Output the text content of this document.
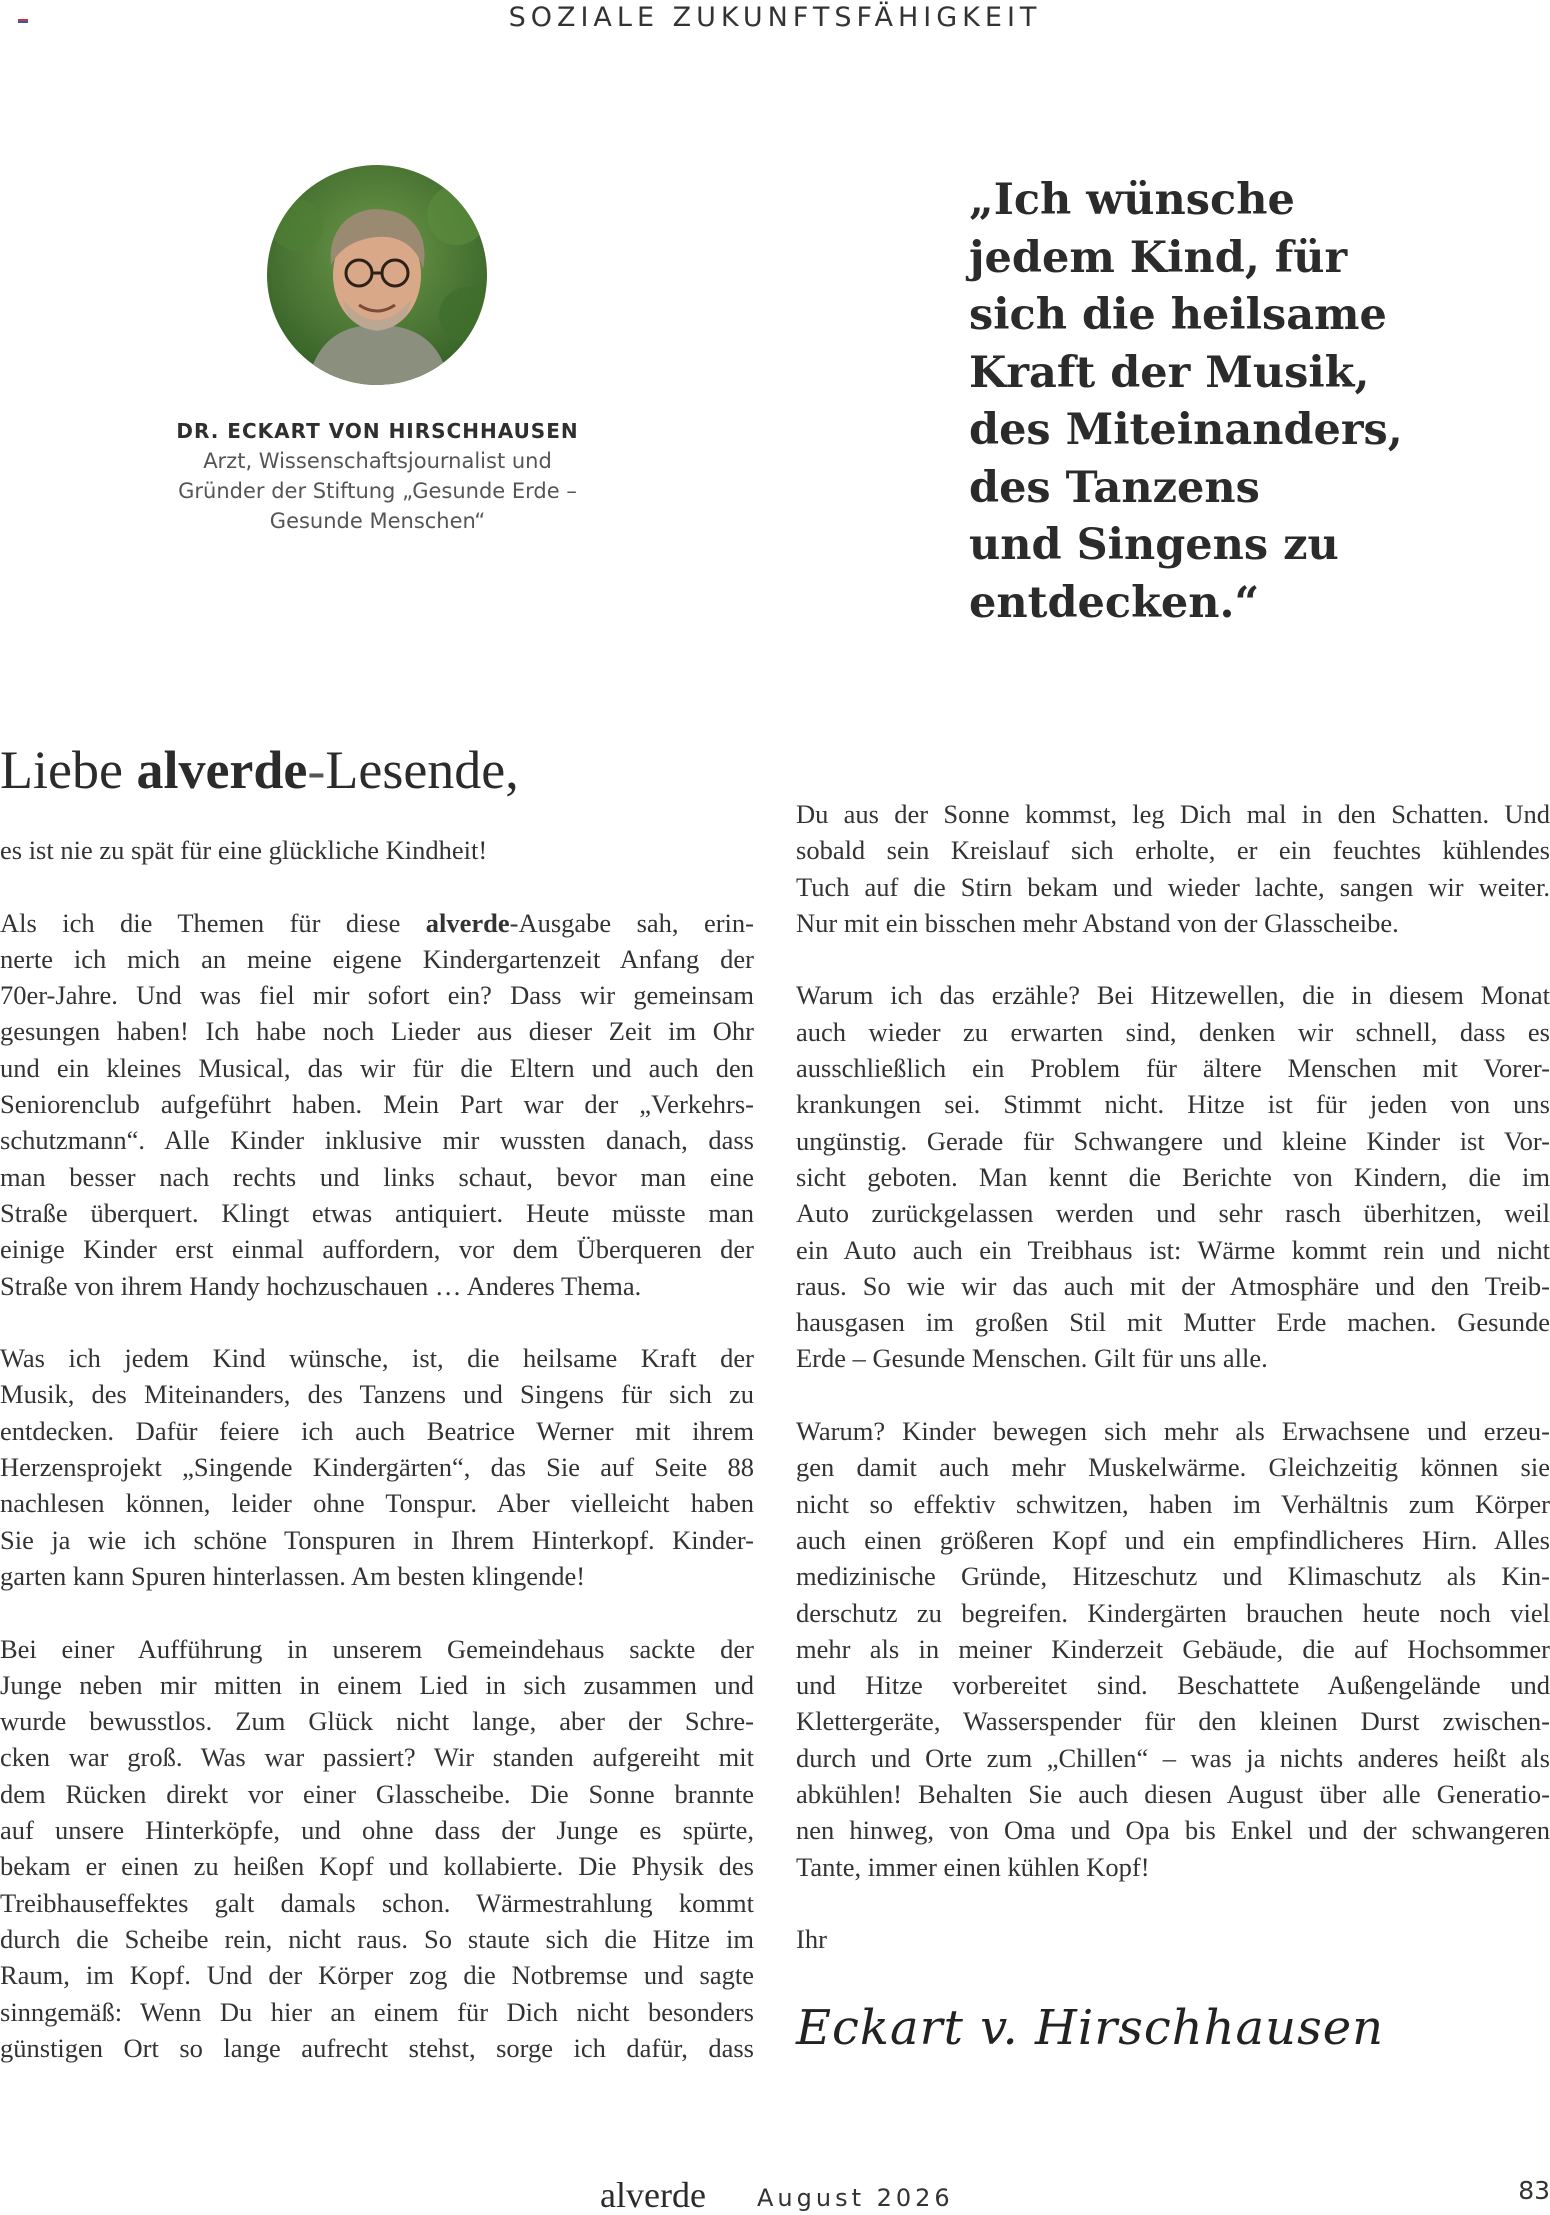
SOZIALE ZUKUNFTSFÄHIGKEIT
DR. ECKART VON HIRSCHHAUSEN
Arzt, Wissenschaftsjournalist und
Gründer der Stiftung „Gesunde Erde –
Gesunde Menschen“
„Ich wünsche
jedem Kind, für
sich die heilsame
Kraft der Musik,
des Miteinanders,
des Tanzens
und Singens zu
entdecken.“
Liebe alverde-Lesende,
es ist nie zu spät für eine glückliche Kindheit!
Als ich die Themen für diese alverde-Ausgabe sah, erin-
nerte ich mich an meine eigene Kindergartenzeit Anfang der
70er-Jahre. Und was fiel mir sofort ein? Dass wir gemeinsam
gesungen haben! Ich habe noch Lieder aus dieser Zeit im Ohr
und ein kleines Musical, das wir für die Eltern und auch den
Seniorenclub aufgeführt haben. Mein Part war der „Verkehrs-
schutzmann“. Alle Kinder inklusive mir wussten danach, dass
man besser nach rechts und links schaut, bevor man eine
Straße überquert. Klingt etwas antiquiert. Heute müsste man
einige Kinder erst einmal auffordern, vor dem Überqueren der
Straße von ihrem Handy hochzuschauen … Anderes Thema.
Was ich jedem Kind wünsche, ist, die heilsame Kraft der
Musik, des Miteinanders, des Tanzens und Singens für sich zu
entdecken. Dafür feiere ich auch Beatrice Werner mit ihrem
Herzensprojekt „Singende Kindergärten“, das Sie auf Seite 88
nachlesen können, leider ohne Tonspur. Aber vielleicht haben
Sie ja wie ich schöne Tonspuren in Ihrem Hinterkopf. Kinder-
garten kann Spuren hinterlassen. Am besten klingende!
Bei einer Aufführung in unserem Gemeindehaus sackte der
Junge neben mir mitten in einem Lied in sich zusammen und
wurde bewusstlos. Zum Glück nicht lange, aber der Schre-
cken war groß. Was war passiert? Wir standen aufgereiht mit
dem Rücken direkt vor einer Glasscheibe. Die Sonne brannte
auf unsere Hinterköpfe, und ohne dass der Junge es spürte,
bekam er einen zu heißen Kopf und kollabierte. Die Physik des
Treibhauseffektes galt damals schon. Wärmestrahlung kommt
durch die Scheibe rein, nicht raus. So staute sich die Hitze im
Raum, im Kopf. Und der Körper zog die Notbremse und sagte
sinngemäß: Wenn Du hier an einem für Dich nicht besonders
günstigen Ort so lange aufrecht stehst, sorge ich dafür, dass
Du aus der Sonne kommst, leg Dich mal in den Schatten. Und
sobald sein Kreislauf sich erholte, er ein feuchtes kühlendes
Tuch auf die Stirn bekam und wieder lachte, sangen wir weiter.
Nur mit ein bisschen mehr Abstand von der Glasscheibe.
Warum ich das erzähle? Bei Hitzewellen, die in diesem Monat
auch wieder zu erwarten sind, denken wir schnell, dass es
ausschließlich ein Problem für ältere Menschen mit Vorer-
krankungen sei. Stimmt nicht. Hitze ist für jeden von uns
ungünstig. Gerade für Schwangere und kleine Kinder ist Vor-
sicht geboten. Man kennt die Berichte von Kindern, die im
Auto zurückgelassen werden und sehr rasch überhitzen, weil
ein Auto auch ein Treibhaus ist: Wärme kommt rein und nicht
raus. So wie wir das auch mit der Atmosphäre und den Treib-
hausgasen im großen Stil mit Mutter Erde machen. Gesunde
Erde – Gesunde Menschen. Gilt für uns alle.
Warum? Kinder bewegen sich mehr als Erwachsene und erzeu-
gen damit auch mehr Muskelwärme. Gleichzeitig können sie
nicht so effektiv schwitzen, haben im Verhältnis zum Körper
auch einen größeren Kopf und ein empfindlicheres Hirn. Alles
medizinische Gründe, Hitzeschutz und Klimaschutz als Kin-
derschutz zu begreifen. Kindergärten brauchen heute noch viel
mehr als in meiner Kinderzeit Gebäude, die auf Hochsommer
und Hitze vorbereitet sind. Beschattete Außengelände und
Klettergeräte, Wasserspender für den kleinen Durst zwischen-
durch und Orte zum „Chillen“ – was ja nichts anderes heißt als
abkühlen! Behalten Sie auch diesen August über alle Generatio-
nen hinweg, von Oma und Opa bis Enkel und der schwangeren
Tante, immer einen kühlen Kopf!
Ihr
Eckart v. Hirschhausen
alverde August 2026	83
